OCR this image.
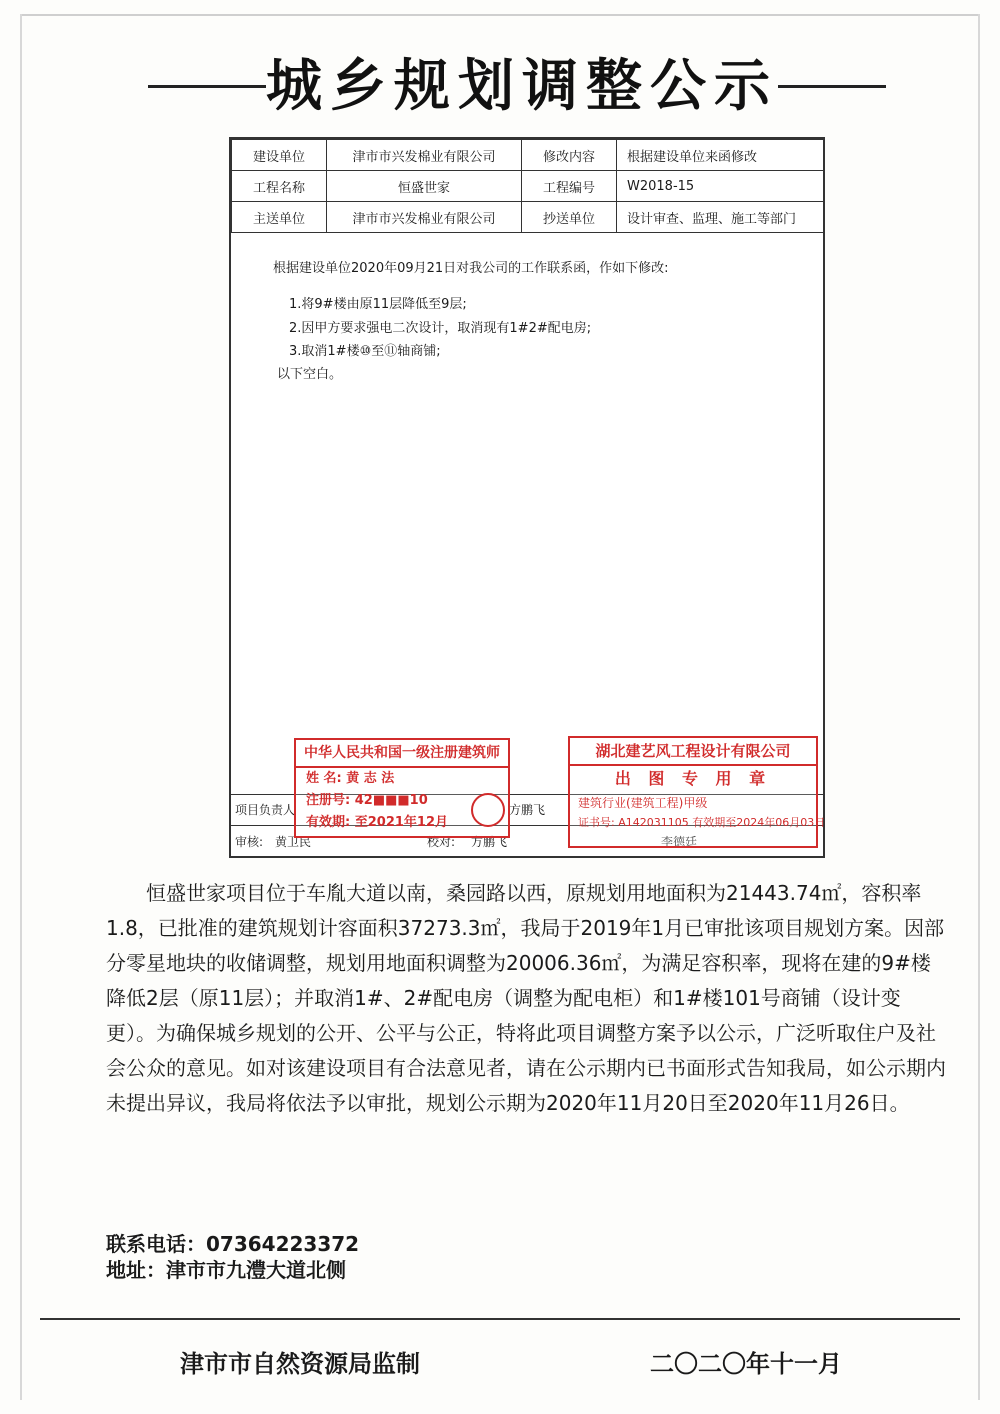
城乡规划调整公示
建设单位	津市市兴发棉业有限公司	修改内容	根据建设单位来函修改
工程名称	恒盛世家	工程编号	W2018-15
主送单位	津市市兴发棉业有限公司	抄送单位	设计审查、监理、施工等部门
根据建设单位2020年09月21日对我公司的工作联系函，作如下修改:
1.将9#楼由原11层降低至9层;
2.因甲方要求强电二次设计，取消现有1#2#配电房;
3.取消1#楼⑩至⑪轴商铺;
以下空白。
项目负责人	方鹏飞
审核: 黄卫民	校对: 方鹏飞	李德廷
中华人民共和国一级注册建筑师
姓 名: 黄 志 法
注册号: 42■■■10
有效期: 至2021年12月
湖北建艺风工程设计有限公司
出 图 专 用 章
建筑行业(建筑工程)甲级
证书号: A142031105 有效期至2024年06月03日

恒盛世家项目位于车胤大道以南，桑园路以西，原规划用地面积为21443.74㎡，容积率1.8，已批准的建筑规划计容面积37273.3㎡，我局于2019年1月已审批该项目规划方案。因部分零星地块的收储调整，规划用地面积调整为20006.36㎡，为满足容积率，现将在建的9#楼降低2层（原11层）；并取消1#、2#配电房（调整为配电柜）和1#楼101号商铺（设计变更）。为确保城乡规划的公开、公平与公正，特将此项目调整方案予以公示，广泛听取住户及社会公众的意见。如对该建设项目有合法意见者，请在公示期内已书面形式告知我局，如公示期内未提出异议，我局将依法予以审批，规划公示期为2020年11月20日至2020年11月26日。

联系电话：07364223372
地址：津市市九澧大道北侧
津市市自然资源局监制	二〇二〇年十一月
